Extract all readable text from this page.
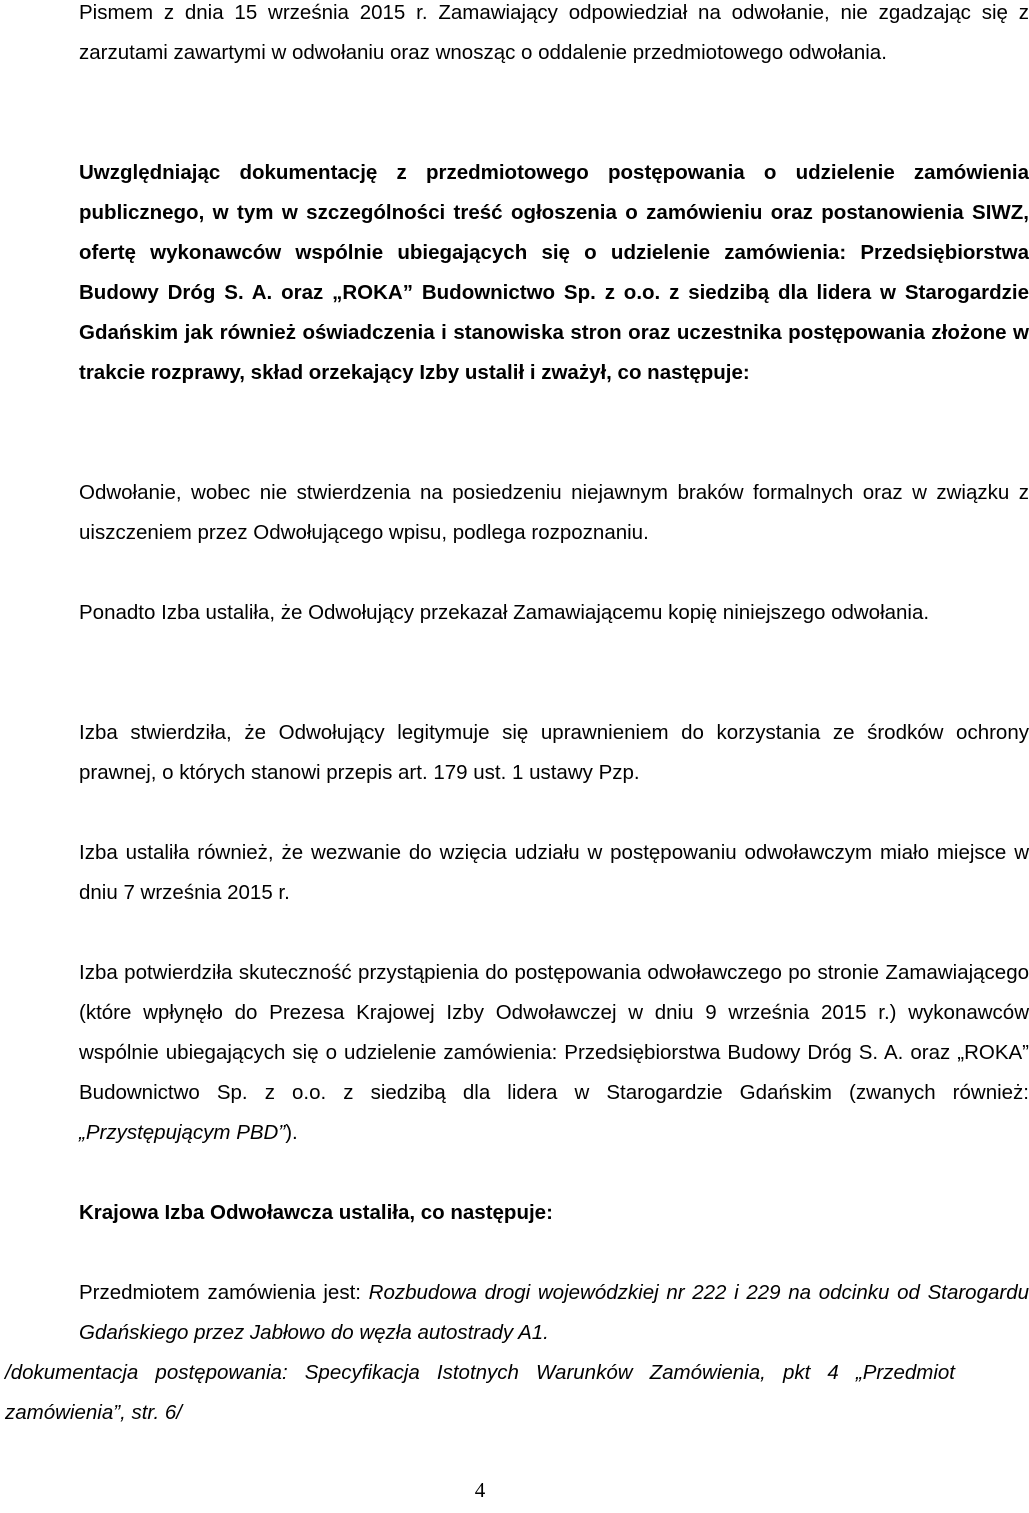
Pismem z dnia 15 września 2015 r. Zamawiający odpowiedział na odwołanie, nie zgadzając się z zarzutami zawartymi w odwołaniu oraz wnosząc o oddalenie przedmiotowego odwołania.

Uwzględniając dokumentację z przedmiotowego postępowania o udzielenie zamówienia publicznego, w tym w szczególności treść ogłoszenia o zamówieniu oraz postanowienia SIWZ, ofertę wykonawców wspólnie ubiegających się o udzielenie zamówienia: Przedsiębiorstwa Budowy Dróg S. A. oraz „ROKA” Budownictwo Sp. z o.o. z siedzibą dla lidera w Starogardzie Gdańskim jak również oświadczenia i stanowiska stron oraz uczestnika postępowania złożone w trakcie rozprawy, skład orzekający Izby ustalił i zważył, co następuje:

Odwołanie, wobec nie stwierdzenia na posiedzeniu niejawnym braków formalnych oraz w związku z uiszczeniem przez Odwołującego wpisu, podlega rozpoznaniu.

Ponadto Izba ustaliła, że Odwołujący przekazał Zamawiającemu kopię niniejszego odwołania.

Izba stwierdziła, że Odwołujący legitymuje się uprawnieniem do korzystania ze środków ochrony prawnej, o których stanowi przepis art. 179 ust. 1 ustawy Pzp.

Izba ustaliła również, że wezwanie do wzięcia udziału w postępowaniu odwoławczym miało miejsce w dniu 7 września 2015 r.

Izba potwierdziła skuteczność przystąpienia do postępowania odwoławczego po stronie Zamawiającego (które wpłynęło do Prezesa Krajowej Izby Odwoławczej w dniu 9 września 2015 r.) wykonawców wspólnie ubiegających się o udzielenie zamówienia: Przedsiębiorstwa Budowy Dróg S. A. oraz „ROKA” Budownictwo Sp. z o.o. z siedzibą dla lidera w Starogardzie Gdańskim (zwanych również: „Przystępującym PBD”).

Krajowa Izba Odwoławcza ustaliła, co następuje:

Przedmiotem zamówienia jest: Rozbudowa drogi wojewódzkiej nr 222 i 229 na odcinku od Starogardu Gdańskiego przez Jabłowo do węzła autostrady A1.

/dokumentacja postępowania: Specyfikacja Istotnych Warunków Zamówienia, pkt 4 „Przedmiot zamówienia”, str. 6/

4
